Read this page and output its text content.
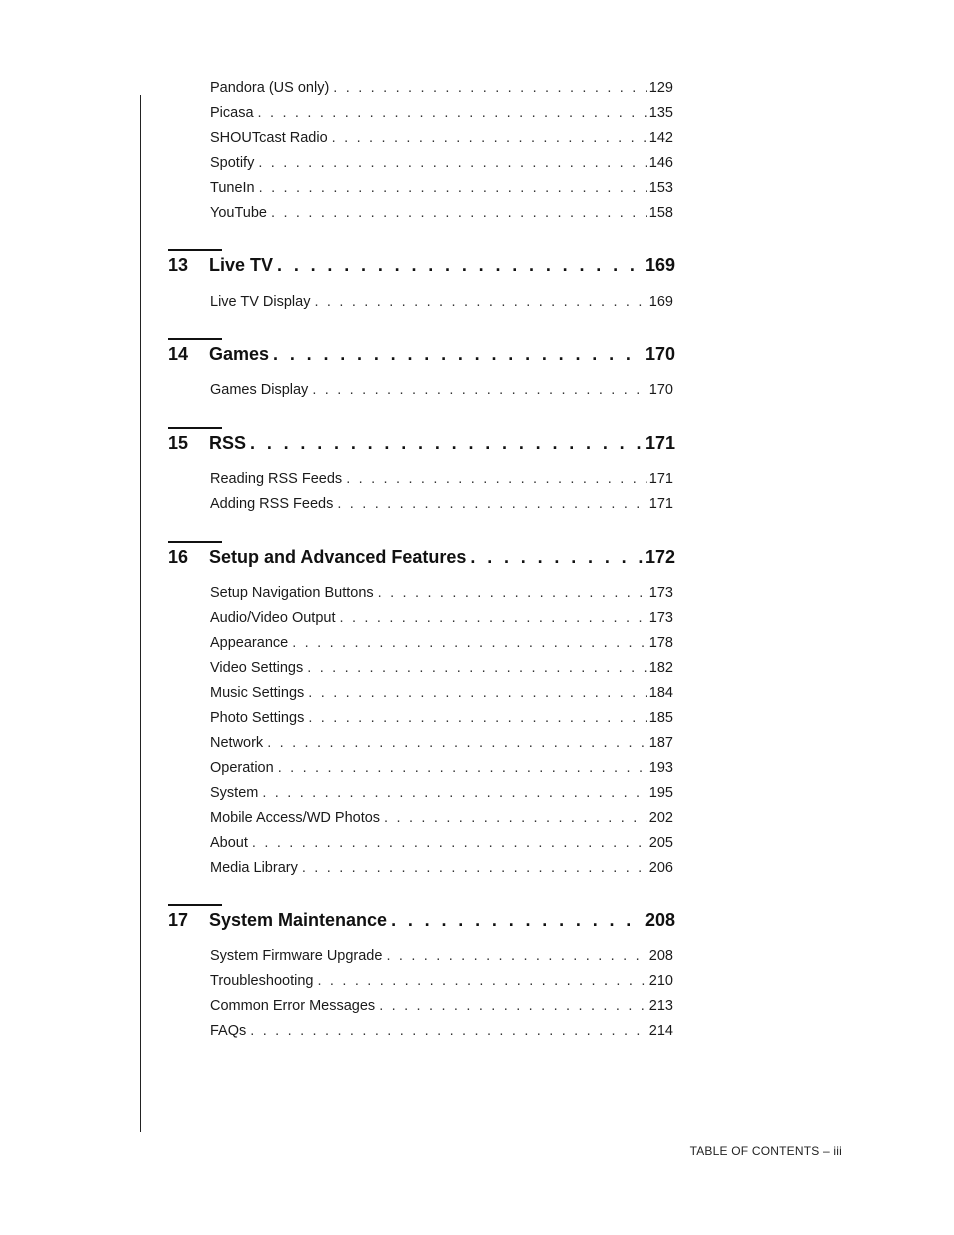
Pandora (US only) . . .	129
Picasa . . .	135
SHOUTcast Radio . . .	142
Spotify . . .	146
TuneIn . . .	153
YouTube . . .	158
13	Live TV . . .	169
Live TV Display . . .	169
14	Games . . .	170
Games Display . . .	170
15	RSS . . .	171
Reading RSS Feeds . . .	171
Adding RSS Feeds . . .	171
16	Setup and Advanced Features . . .	172
Setup Navigation Buttons . . .	173
Audio/Video Output . . .	173
Appearance . . .	178
Video Settings . . .	182
Music Settings . . .	184
Photo Settings . . .	185
Network . . .	187
Operation . . .	193
System . . .	195
Mobile Access/WD Photos . . .	202
About . . .	205
Media Library . . .	206
17	System Maintenance . . .	208
System Firmware Upgrade . . .	208
Troubleshooting . . .	210
Common Error Messages . . .	213
FAQs . . .	214
TABLE OF CONTENTS – iii
